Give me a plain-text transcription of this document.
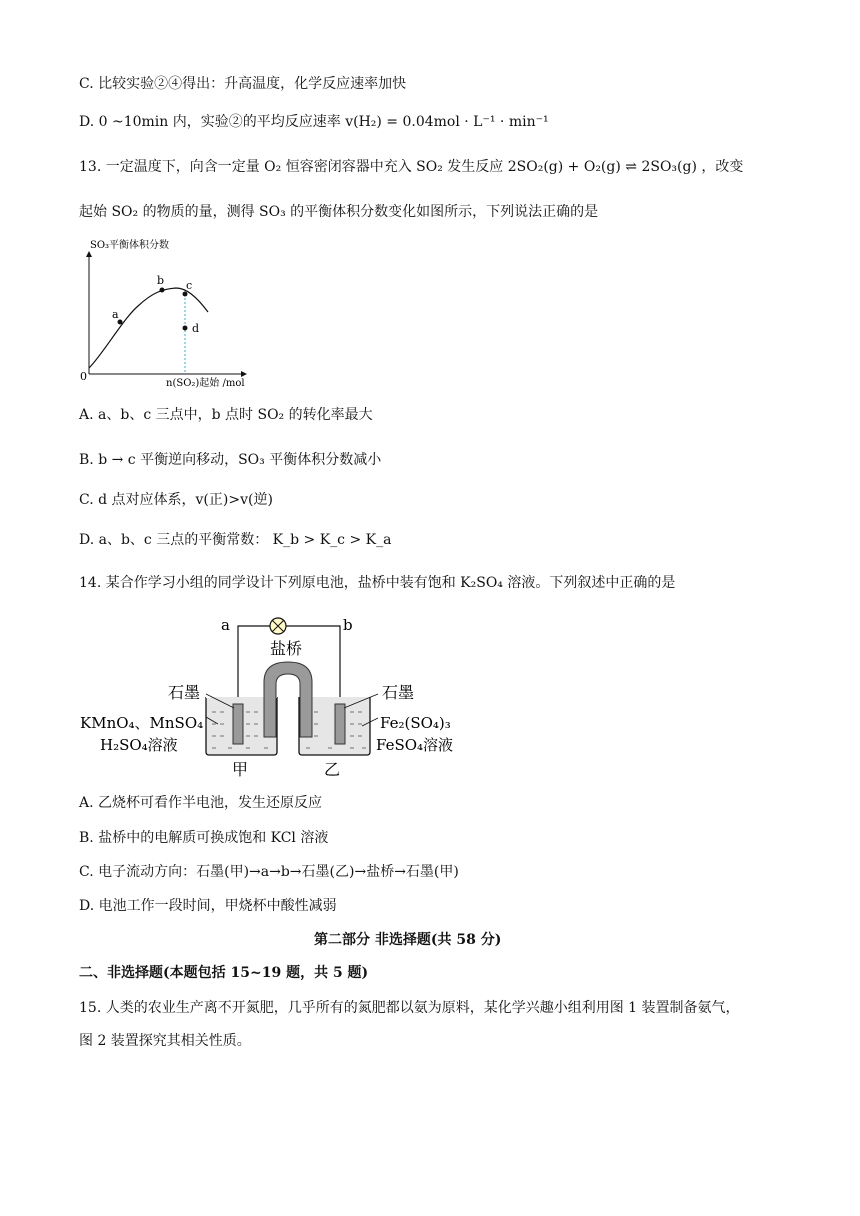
C. 比较实验②④得出：升高温度，化学反应速率加快
D. 0 ~10min 内，实验②的平均反应速率 v(H₂) = 0.04mol · L⁻¹ · min⁻¹
13. 一定温度下，向含一定量 O₂ 恒容密闭容器中充入 SO₂ 发生反应 2SO₂(g) + O₂(g) ⇌ 2SO₃(g) ，改变
起始 SO₂ 的物质的量，测得 SO₃ 的平衡体积分数变化如图所示，下列说法正确的是
SO₃平衡体积分数
0
n(SO₂)起始 /mol
a
b c
d
A. a、b、c 三点中，b 点时 SO₂ 的转化率最大
B. b → c 平衡逆向移动，SO₃ 平衡体积分数减小
C. d 点对应体系，v(正)>v(逆)
D. a、b、c 三点的平衡常数： K_b > K_c > K_a
14. 某合作学习小组的同学设计下列原电池，盐桥中装有饱和 K₂SO₄ 溶液。下列叙述中正确的是
a	b
盐桥
石墨	石墨
KMnO₄、MnSO₄
H₂SO₄溶液
Fe₂(SO₄)₃
FeSO₄溶液
甲	乙
A. 乙烧杯可看作半电池，发生还原反应
B. 盐桥中的电解质可换成饱和 KCl 溶液
C. 电子流动方向：石墨(甲)→a→b→石墨(乙)→盐桥→石墨(甲)
D. 电池工作一段时间，甲烧杯中酸性减弱
第二部分 非选择题(共 58 分)
二、非选择题(本题包括 15~19 题，共 5 题)
15. 人类的农业生产离不开氮肥，几乎所有的氮肥都以氨为原料，某化学兴趣小组利用图 1 装置制备氨气，
图 2 装置探究其相关性质。
